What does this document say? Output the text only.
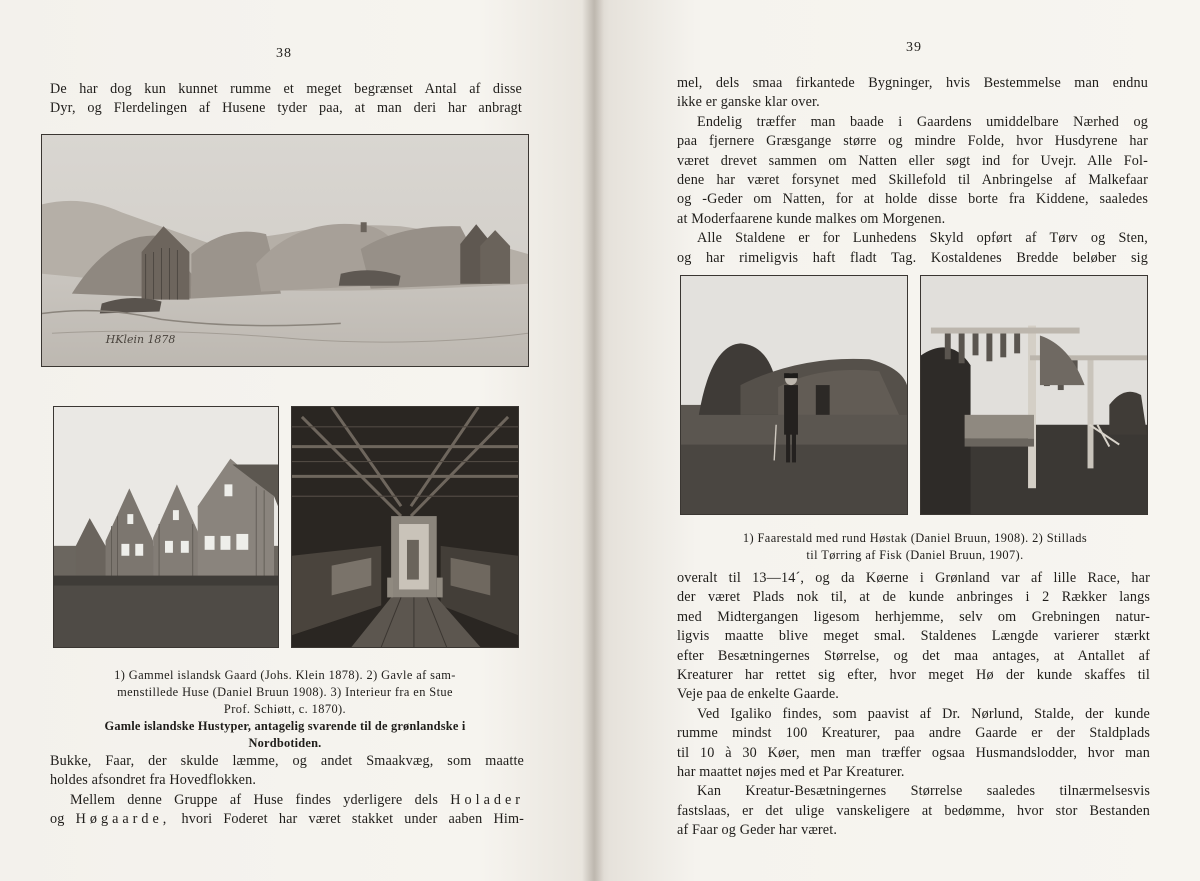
38
De har dog kun kunnet rumme et meget begrænset Antal af disse
Dyr, og Flerdelingen af Husene tyder paa, at man deri har anbragt
HKlein 1878
1) Gammel islandsk Gaard (Johs. Klein 1878). 2) Gavle af sam-
menstillede Huse (Daniel Bruun 1908). 3) Interieur fra en Stue
Prof. Schiøtt, c. 1870).
Gamle islandske Hustyper, antagelig svarende til de grønlandske i
Nordbotiden.
Bukke, Faar, der skulde læmme, og andet Smaakvæg, som maatte
holdes afsondret fra Hovedflokken.
Mellem denne Gruppe af Huse findes yderligere dels Holader
og Høgaarde, hvori Foderet har været stakket under aaben Him-
39
mel, dels smaa firkantede Bygninger, hvis Bestemmelse man endnu
ikke er ganske klar over.
Endelig træffer man baade i Gaardens umiddelbare Nærhed og
paa fjernere Græsgange større og mindre Folde, hvor Husdyrene har
været drevet sammen om Natten eller søgt ind for Uvejr. Alle Fol-
dene har været forsynet med Skillefold til Anbringelse af Malkefaar
og -Geder om Natten, for at holde disse borte fra Kiddene, saaledes
at Moderfaarene kunde malkes om Morgenen.
Alle Staldene er for Lunhedens Skyld opført af Tørv og Sten,
og har rimeligvis haft fladt Tag. Kostaldenes Bredde beløber sig
1) Faarestald med rund Høstak (Daniel Bruun, 1908). 2) Stillads
til Tørring af Fisk (Daniel Bruun, 1907).
overalt til 13—14´, og da Køerne i Grønland var af lille Race, har
der været Plads nok til, at de kunde anbringes i 2 Rækker langs
med Midtergangen ligesom herhjemme, selv om Grebningen natur-
ligvis maatte blive meget smal. Staldenes Længde varierer stærkt
efter Besætningernes Størrelse, og det maa antages, at Antallet af
Kreaturer har rettet sig efter, hvor meget Hø der kunde skaffes til
Veje paa de enkelte Gaarde.
Ved Igaliko findes, som paavist af Dr. Nørlund, Stalde, der kunde
rumme mindst 100 Kreaturer, paa andre Gaarde er der Staldplads
til 10 à 30 Køer, men man træffer ogsaa Husmandslodder, hvor man
har maattet nøjes med et Par Kreaturer.
Kan Kreatur-Besætningernes Størrelse saaledes tilnærmelsesvis
fastslaas, er det ulige vanskeligere at bedømme, hvor stor Bestanden
af Faar og Geder har været.
